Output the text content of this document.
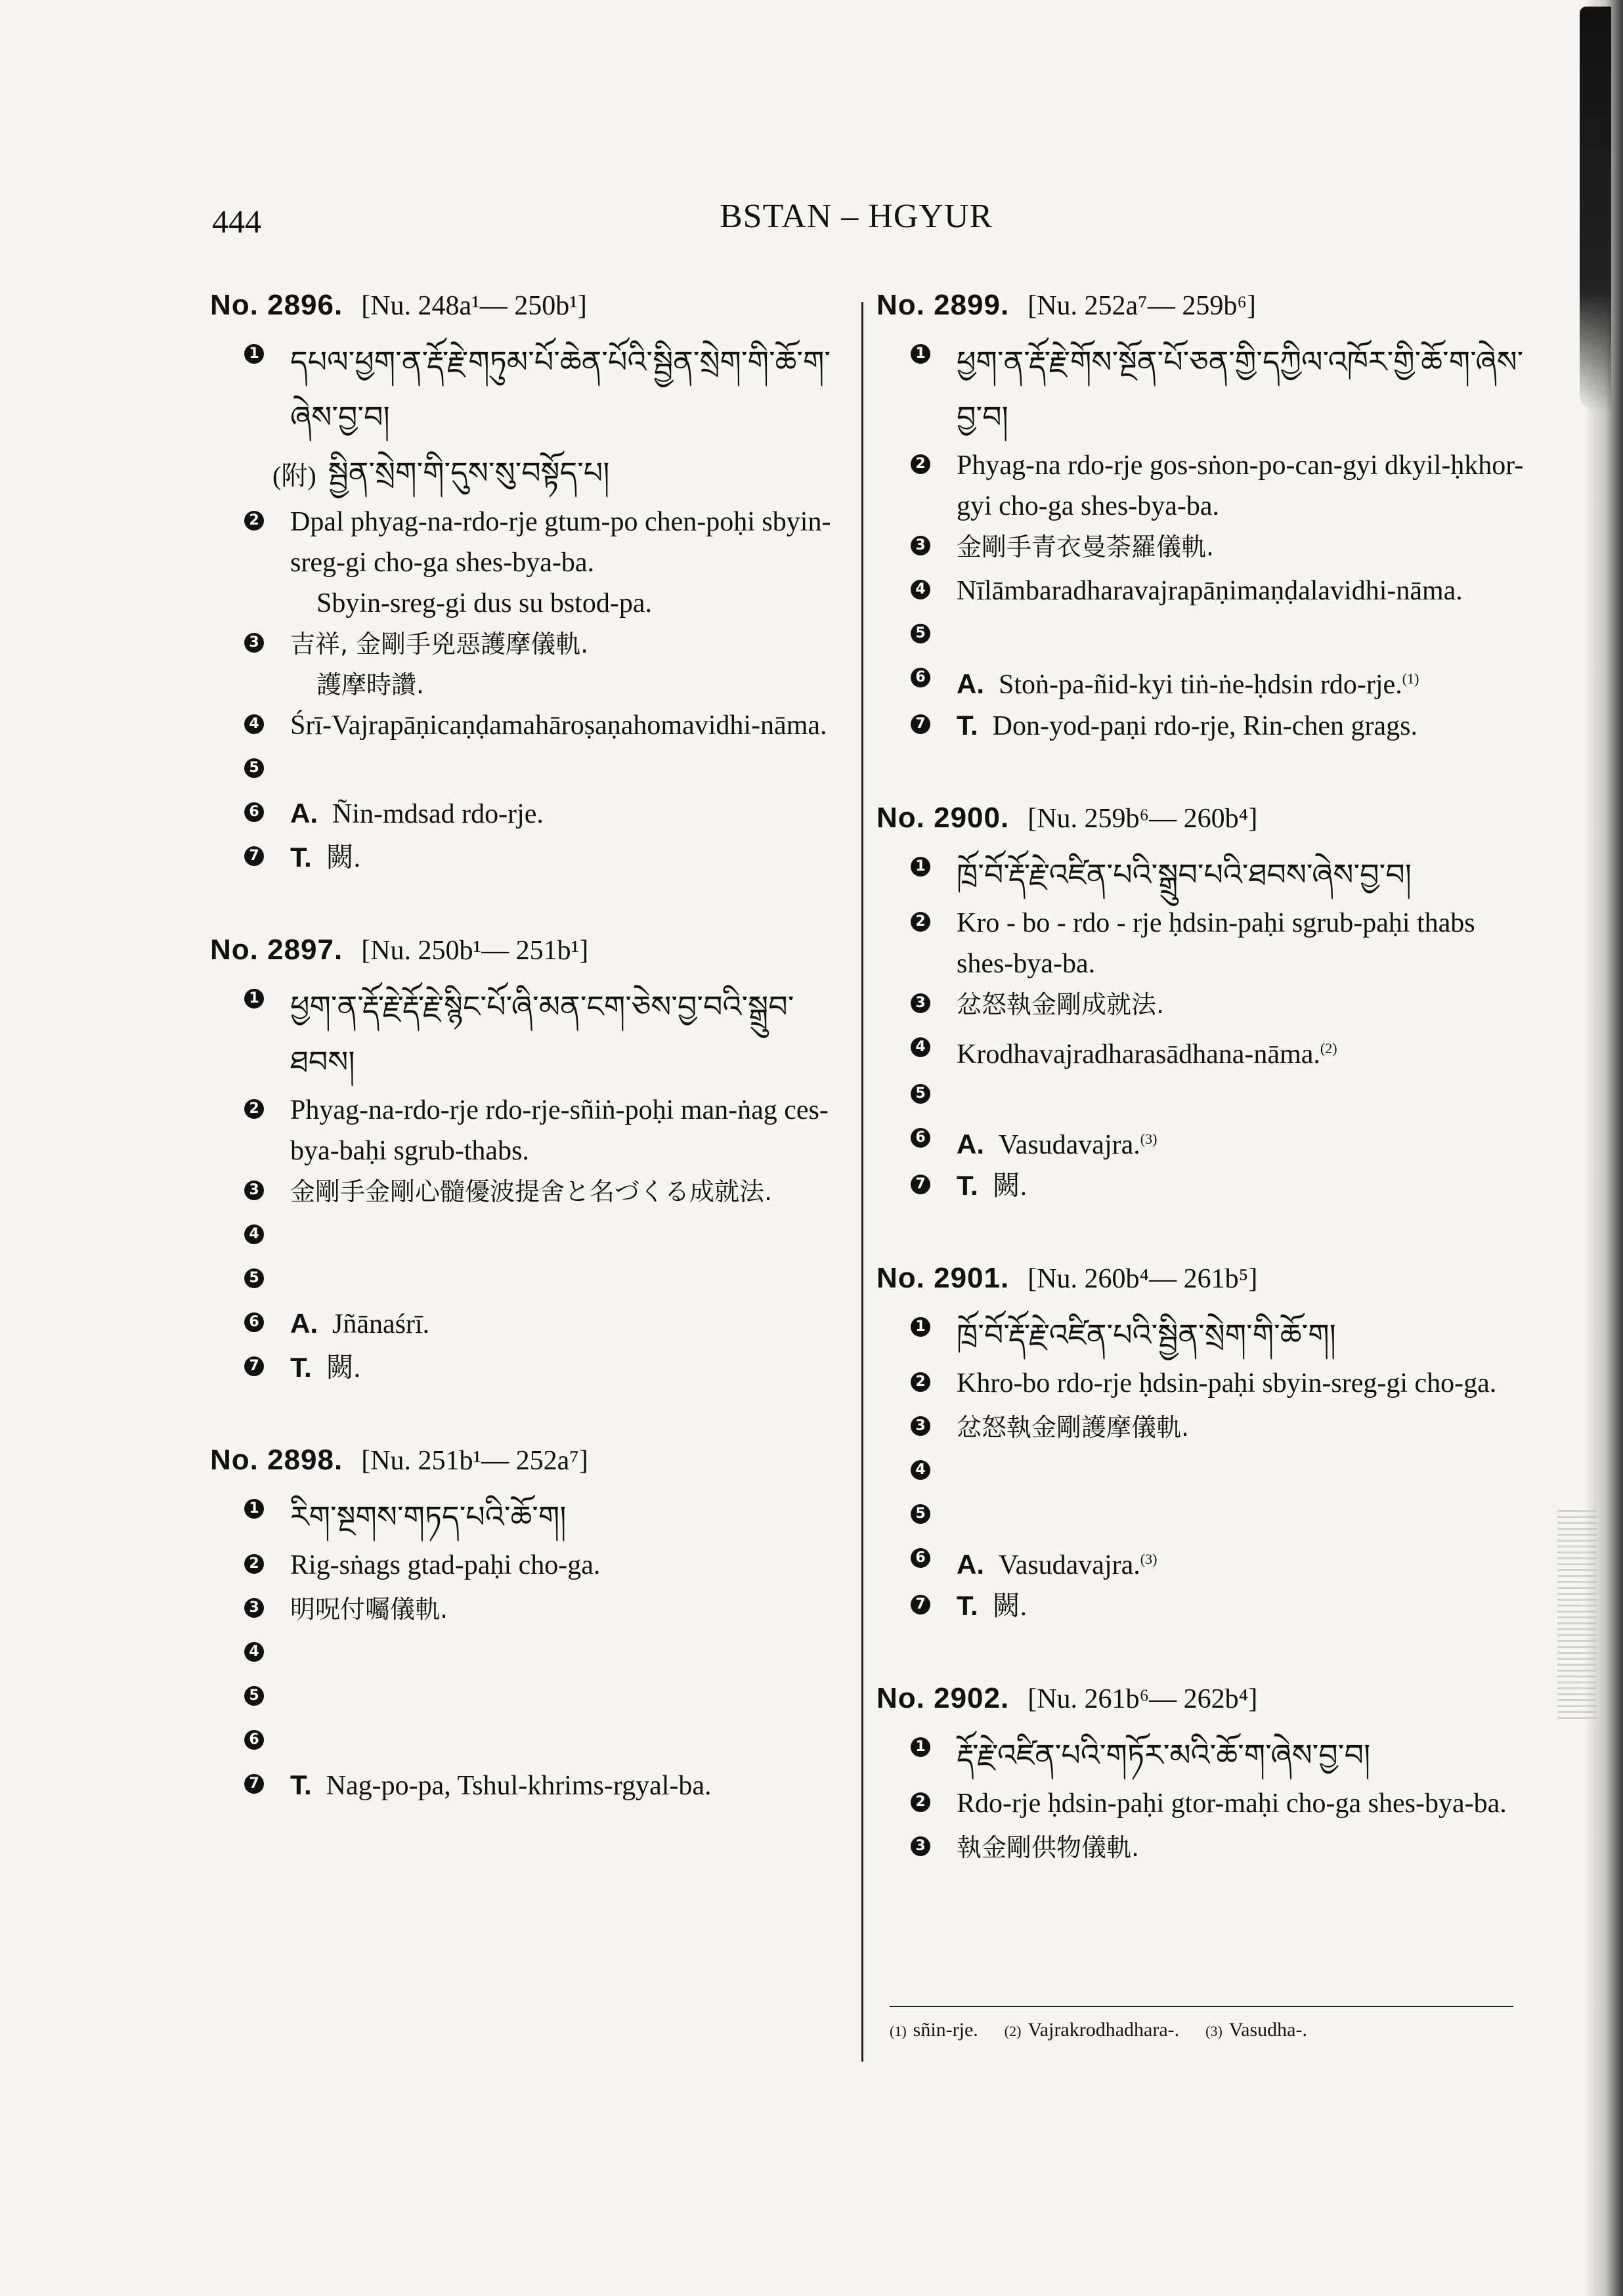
444	BSTAN – HGYUR
No. 2896. [Nu. 248a¹— 250b¹]
1 དཔལ་ཕྱག་ན་རྡོ་རྗེ་གཏུམ་པོ་ཆེན་པོའི་སྦྱིན་སྲེག་གི་ཆོ་ག་ཞེས་བྱ་བ།
(附) སྦྱིན་སྲེག་གི་དུས་སུ་བསྟོད་པ།
2 Dpal phyag-na-rdo-rje gtum-po chen-poḥi sbyin-sreg-gi cho-ga shes-bya-ba.
Sbyin-sreg-gi dus su bstod-pa.
3 吉祥, 金剛手兇惡護摩儀軌.
護摩時讚.
4 Śrī-Vajrapāṇicaṇḍamahāroṣaṇahomavidhi-nāma.
5
6 A. Ñin-mdsad rdo-rje.
7 T. 闕.
No. 2897. [Nu. 250b¹— 251b¹]
1 ཕྱག་ན་རྡོ་རྗེ་རྡོ་རྗེ་སྙིང་པོ་ཞི་མན་ངག་ཅེས་བྱ་བའི་སྒྲུབ་ཐབས།
2 Phyag-na-rdo-rje rdo-rje-sñiṅ-poḥi man-ṅag ces-bya-baḥi sgrub-thabs.
3 金剛手金剛心髓優波提舍と名づくる成就法.
4
5
6 A. Jñānaśrī.
7 T. 闕.
No. 2898. [Nu. 251b¹— 252a⁷]
1 རིག་སྔགས་གཏད་པའི་ཆོ་ག།
2 Rig-sṅags gtad-paḥi cho-ga.
3 明呪付囑儀軌.
4
5
6
7 T. Nag-po-pa, Tshul-khrims-rgyal-ba.
No. 2899. [Nu. 252a⁷— 259b⁶]
1 ཕྱག་ན་རྡོ་རྗེ་གོས་སྔོན་པོ་ཅན་གྱི་དཀྱིལ་འཁོར་གྱི་ཆོ་ག་ཞེས་བྱ་བ།
2 Phyag-na rdo-rje gos-sṅon-po-can-gyi dkyil-ḥkhor-gyi cho-ga shes-bya-ba.
3 金剛手青衣曼荼羅儀軌.
4 Nīlāmbaradharavajrapāṇimaṇḍalavidhi-nāma.
5
6 A. Stoṅ-pa-ñid-kyi tiṅ-ṅe-ḥdsin rdo-rje.$^{(1)}$
7 T. Don-yod-paṇi rdo-rje, Rin-chen grags.
No. 2900. [Nu. 259b⁶— 260b⁴]
1 ཁྲོ་བོ་རྡོ་རྗེ་འཛིན་པའི་སྒྲུབ་པའི་ཐབས་ཞེས་བྱ་བ།
2 Kro - bo - rdo - rje ḥdsin-paḥi sgrub-paḥi thabs shes-bya-ba.
3 忿怒執金剛成就法.
4 Krodhavajradharasādhana-nāma.$^{(2)}$
5
6 A. Vasudavajra.$^{(3)}$
7 T. 闕.
No. 2901. [Nu. 260b⁴— 261b⁵]
1 ཁྲོ་བོ་རྡོ་རྗེ་འཛིན་པའི་སྦྱིན་སྲེག་གི་ཆོ་ག།
2 Khro-bo rdo-rje ḥdsin-paḥi sbyin-sreg-gi cho-ga.
3 忿怒執金剛護摩儀軌.
4
5
6 A. Vasudavajra.$^{(3)}$
7 T. 闕.
No. 2902. [Nu. 261b⁶— 262b⁴]
1 རྡོ་རྗེ་འཛིན་པའི་གཏོར་མའི་ཆོ་ག་ཞེས་བྱ་བ།
2 Rdo-rje ḥdsin-paḥi gtor-maḥi cho-ga shes-bya-ba.
3 執金剛供物儀軌.
(1) sñin-rje. (2) Vajrakrodhadhara-. (3) Vasudha-.
